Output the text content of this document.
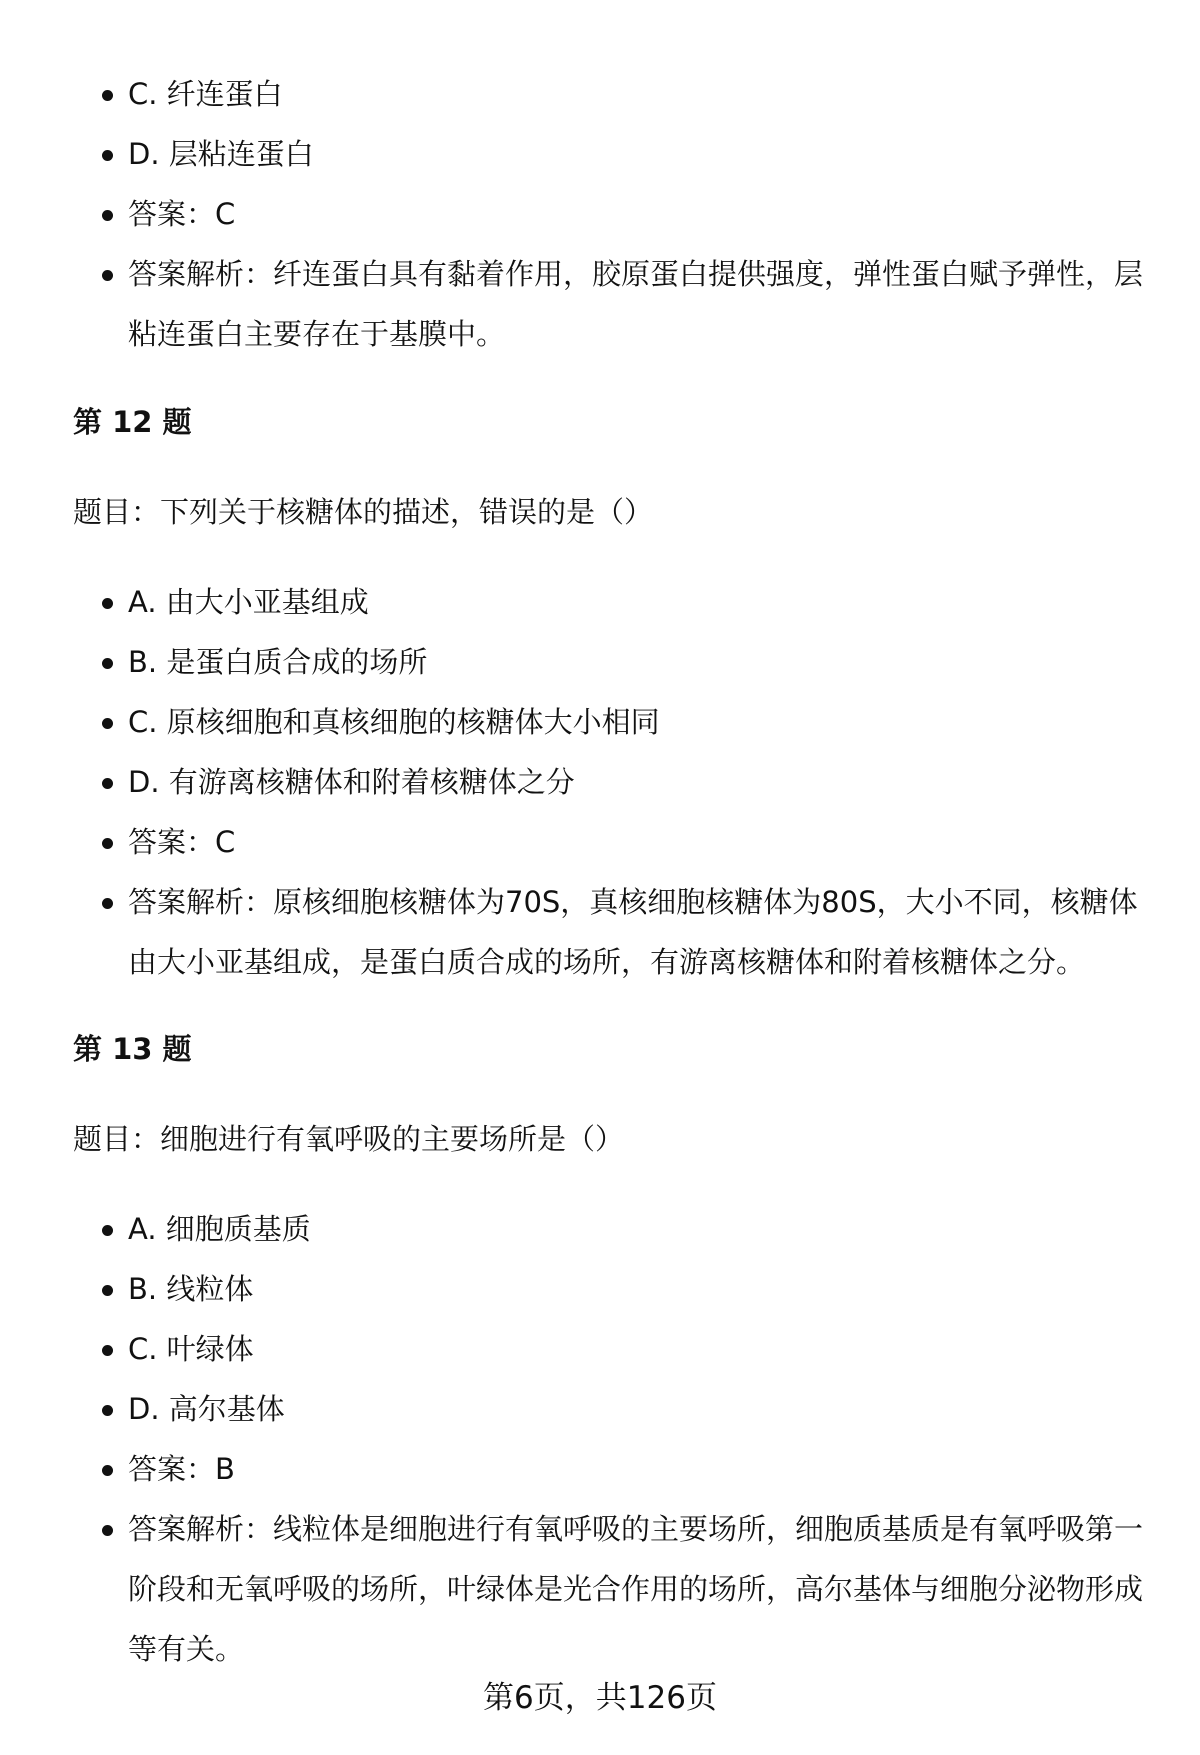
C. 纤连蛋白
D. 层粘连蛋白
答案：C
答案解析：纤连蛋白具有黏着作用，胶原蛋白提供强度，弹性蛋白赋予弹性，层粘连蛋白主要存在于基膜中。
第 12 题
题目：下列关于核糖体的描述，错误的是（）
A. 由大小亚基组成
B. 是蛋白质合成的场所
C. 原核细胞和真核细胞的核糖体大小相同
D. 有游离核糖体和附着核糖体之分
答案：C
答案解析：原核细胞核糖体为70S，真核细胞核糖体为80S，大小不同，核糖体由大小亚基组成，是蛋白质合成的场所，有游离核糖体和附着核糖体之分。
第 13 题
题目：细胞进行有氧呼吸的主要场所是（）
A. 细胞质基质
B. 线粒体
C. 叶绿体
D. 高尔基体
答案：B
答案解析：线粒体是细胞进行有氧呼吸的主要场所，细胞质基质是有氧呼吸第一阶段和无氧呼吸的场所，叶绿体是光合作用的场所，高尔基体与细胞分泌物形成等有关。
第6页，共126页
